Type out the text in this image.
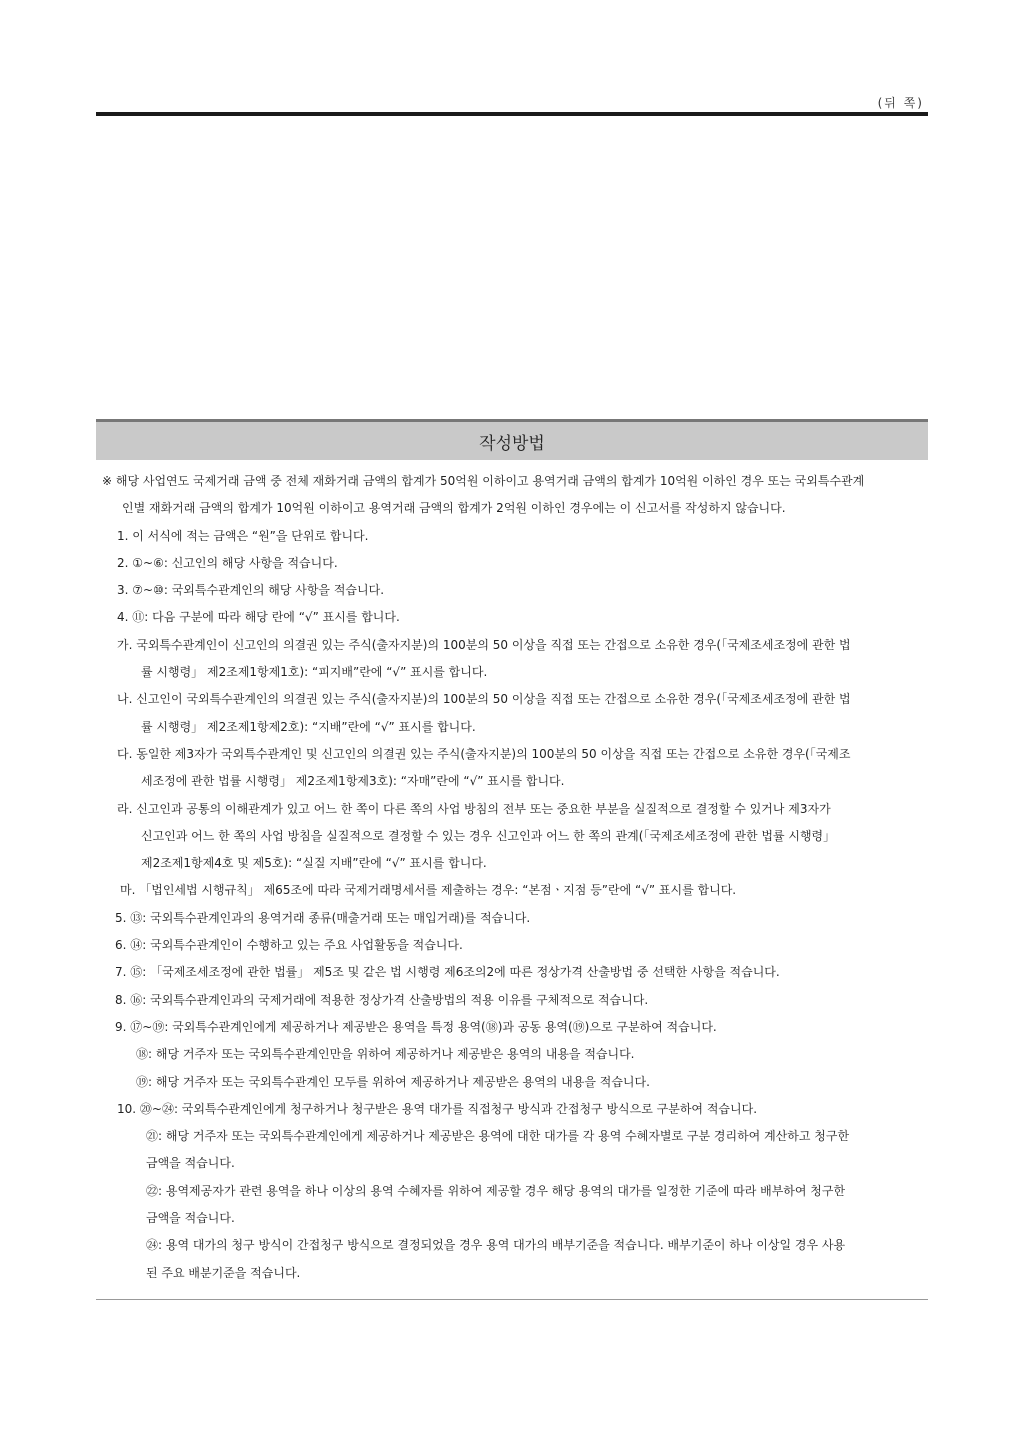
(뒤 쪽)
작성방법
※ 해당 사업연도 국제거래 금액 중 전체 재화거래 금액의 합계가 50억원 이하이고 용역거래 금액의 합계가 10억원 이하인 경우 또는 국외특수관계
인별 재화거래 금액의 합계가 10억원 이하이고 용역거래 금액의 합계가 2억원 이하인 경우에는 이 신고서를 작성하지 않습니다.
1. 이 서식에 적는 금액은 “원”을 단위로 합니다.
2. ①~⑥: 신고인의 해당 사항을 적습니다.
3. ⑦~⑩: 국외특수관계인의 해당 사항을 적습니다.
4. ⑪: 다음 구분에 따라 해당 란에 “√” 표시를 합니다.
가. 국외특수관계인이 신고인의 의결권 있는 주식(출자지분)의 100분의 50 이상을 직접 또는 간접으로 소유한 경우(「국제조세조정에 관한 법
률 시행령」 제2조제1항제1호): “피지배”란에 “√” 표시를 합니다.
나. 신고인이 국외특수관계인의 의결권 있는 주식(출자지분)의 100분의 50 이상을 직접 또는 간접으로 소유한 경우(「국제조세조정에 관한 법
률 시행령」 제2조제1항제2호): “지배”란에 “√” 표시를 합니다.
다. 동일한 제3자가 국외특수관계인 및 신고인의 의결권 있는 주식(출자지분)의 100분의 50 이상을 직접 또는 간접으로 소유한 경우(「국제조
세조정에 관한 법률 시행령」 제2조제1항제3호): “자매”란에 “√” 표시를 합니다.
라. 신고인과 공통의 이해관계가 있고 어느 한 쪽이 다른 쪽의 사업 방침의 전부 또는 중요한 부분을 실질적으로 결정할 수 있거나 제3자가
신고인과 어느 한 쪽의 사업 방침을 실질적으로 결정할 수 있는 경우 신고인과 어느 한 쪽의 관계(「국제조세조정에 관한 법률 시행령」
제2조제1항제4호 및 제5호): “실질 지배”란에 “√” 표시를 합니다.
마. 「법인세법 시행규칙」 제65조에 따라 국제거래명세서를 제출하는 경우: “본점ㆍ지점 등”란에 “√” 표시를 합니다.
5. ⑬: 국외특수관계인과의 용역거래 종류(매출거래 또는 매입거래)를 적습니다.
6. ⑭: 국외특수관계인이 수행하고 있는 주요 사업활동을 적습니다.
7. ⑮: 「국제조세조정에 관한 법률」 제5조 및 같은 법 시행령 제6조의2에 따른 정상가격 산출방법 중 선택한 사항을 적습니다.
8. ⑯: 국외특수관계인과의 국제거래에 적용한 정상가격 산출방법의 적용 이유를 구체적으로 적습니다.
9. ⑰~⑲: 국외특수관계인에게 제공하거나 제공받은 용역을 특정 용역(⑱)과 공동 용역(⑲)으로 구분하여 적습니다.
⑱: 해당 거주자 또는 국외특수관계인만을 위하여 제공하거나 제공받은 용역의 내용을 적습니다.
⑲: 해당 거주자 또는 국외특수관계인 모두를 위하여 제공하거나 제공받은 용역의 내용을 적습니다.
10. ⑳~㉔: 국외특수관계인에게 청구하거나 청구받은 용역 대가를 직접청구 방식과 간접청구 방식으로 구분하여 적습니다.
㉑: 해당 거주자 또는 국외특수관계인에게 제공하거나 제공받은 용역에 대한 대가를 각 용역 수혜자별로 구분 경리하여 계산하고 청구한
금액을 적습니다.
㉒: 용역제공자가 관련 용역을 하나 이상의 용역 수혜자를 위하여 제공할 경우 해당 용역의 대가를 일정한 기준에 따라 배부하여 청구한
금액을 적습니다.
㉔: 용역 대가의 청구 방식이 간접청구 방식으로 결정되었을 경우 용역 대가의 배부기준을 적습니다. 배부기준이 하나 이상일 경우 사용
된 주요 배분기준을 적습니다.
